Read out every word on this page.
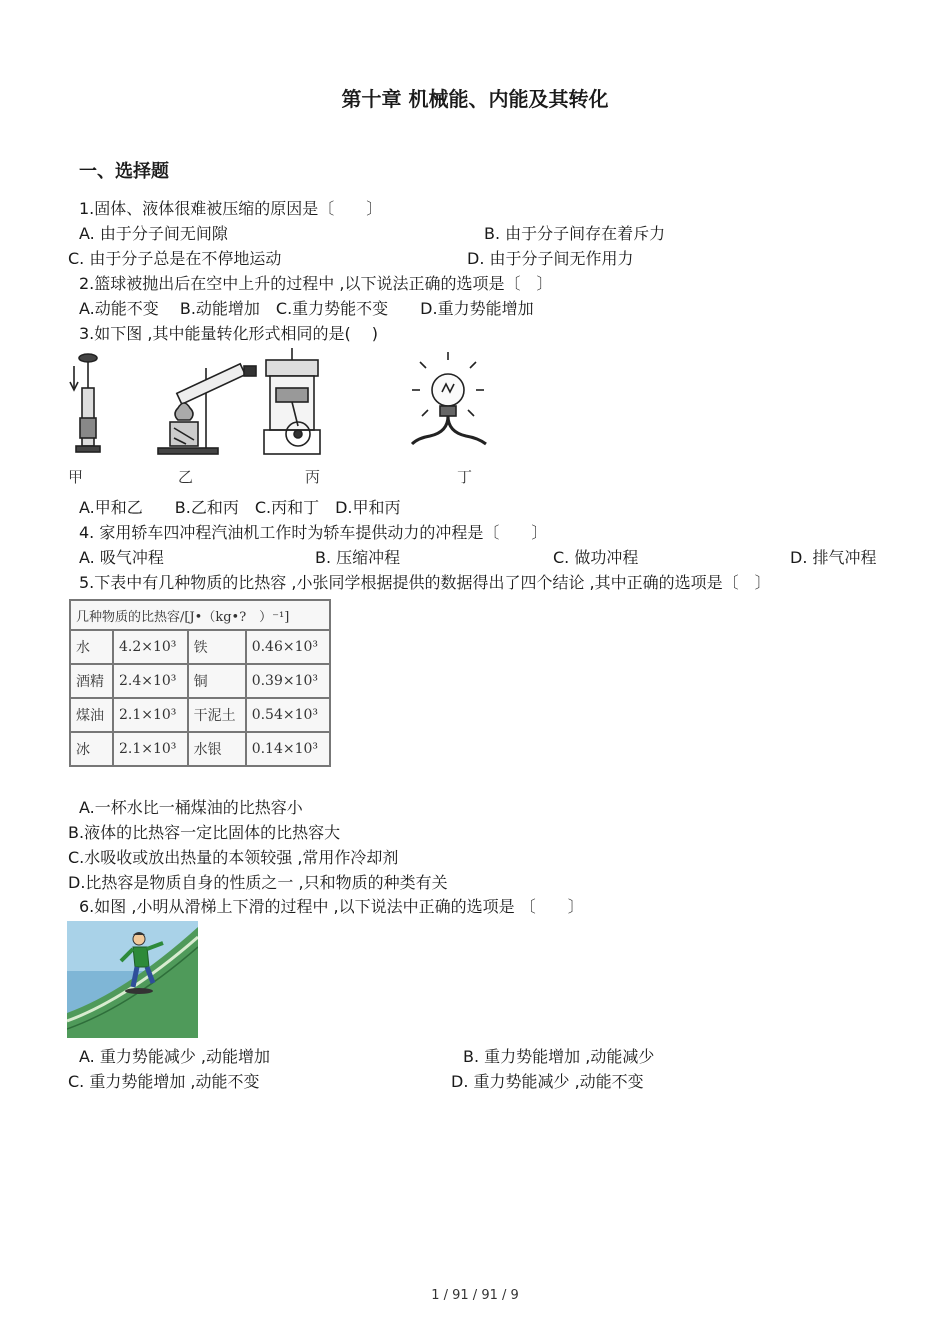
第十章 机械能、内能及其转化
一、选择题
1.固体、液体很难被压缩的原因是〔　　〕
A. 由于分子间无间隙	B. 由于分子间存在着斥力
C. 由于分子总是在不停地运动	D. 由于分子间无作用力
2.篮球被抛出后在空中上升的过程中 ,以下说法正确的选项是〔　〕
A.动能不变　 B.动能增加　C.重力势能不变　　D.重力势能增加
3.如下图 ,其中能量转化形式相同的是(　 )
甲	乙	丙	丁
A.甲和乙　　B.乙和丙　C.丙和丁　D.甲和丙
4. 家用轿车四冲程汽油机工作时为轿车提供动力的冲程是〔　　〕
A. 吸气冲程	B. 压缩冲程	C. 做功冲程	D. 排气冲程
5.下表中有几种物质的比热容 ,小张同学根据提供的数据得出了四个结论 ,其中正确的选项是〔　〕
几种物质的比热容/[J•（kg•?　）⁻¹]			
水	4.2×10³	铁	0.46×10³
酒精	2.4×10³	铜	0.39×10³
煤油	2.1×10³	干泥土	0.54×10³
冰	2.1×10³	水银	0.14×10³
A.一杯水比一桶煤油的比热容小
B.液体的比热容一定比固体的比热容大
C.水吸收或放出热量的本领较强 ,常用作冷却剂
D.比热容是物质自身的性质之一 ,只和物质的种类有关
6.如图 ,小明从滑梯上下滑的过程中 ,以下说法中正确的选项是 〔　　〕
A. 重力势能减少 ,动能增加	B. 重力势能增加 ,动能减少
C. 重力势能增加 ,动能不变	D. 重力势能减少 ,动能不变
1 / 91 / 91 / 9
